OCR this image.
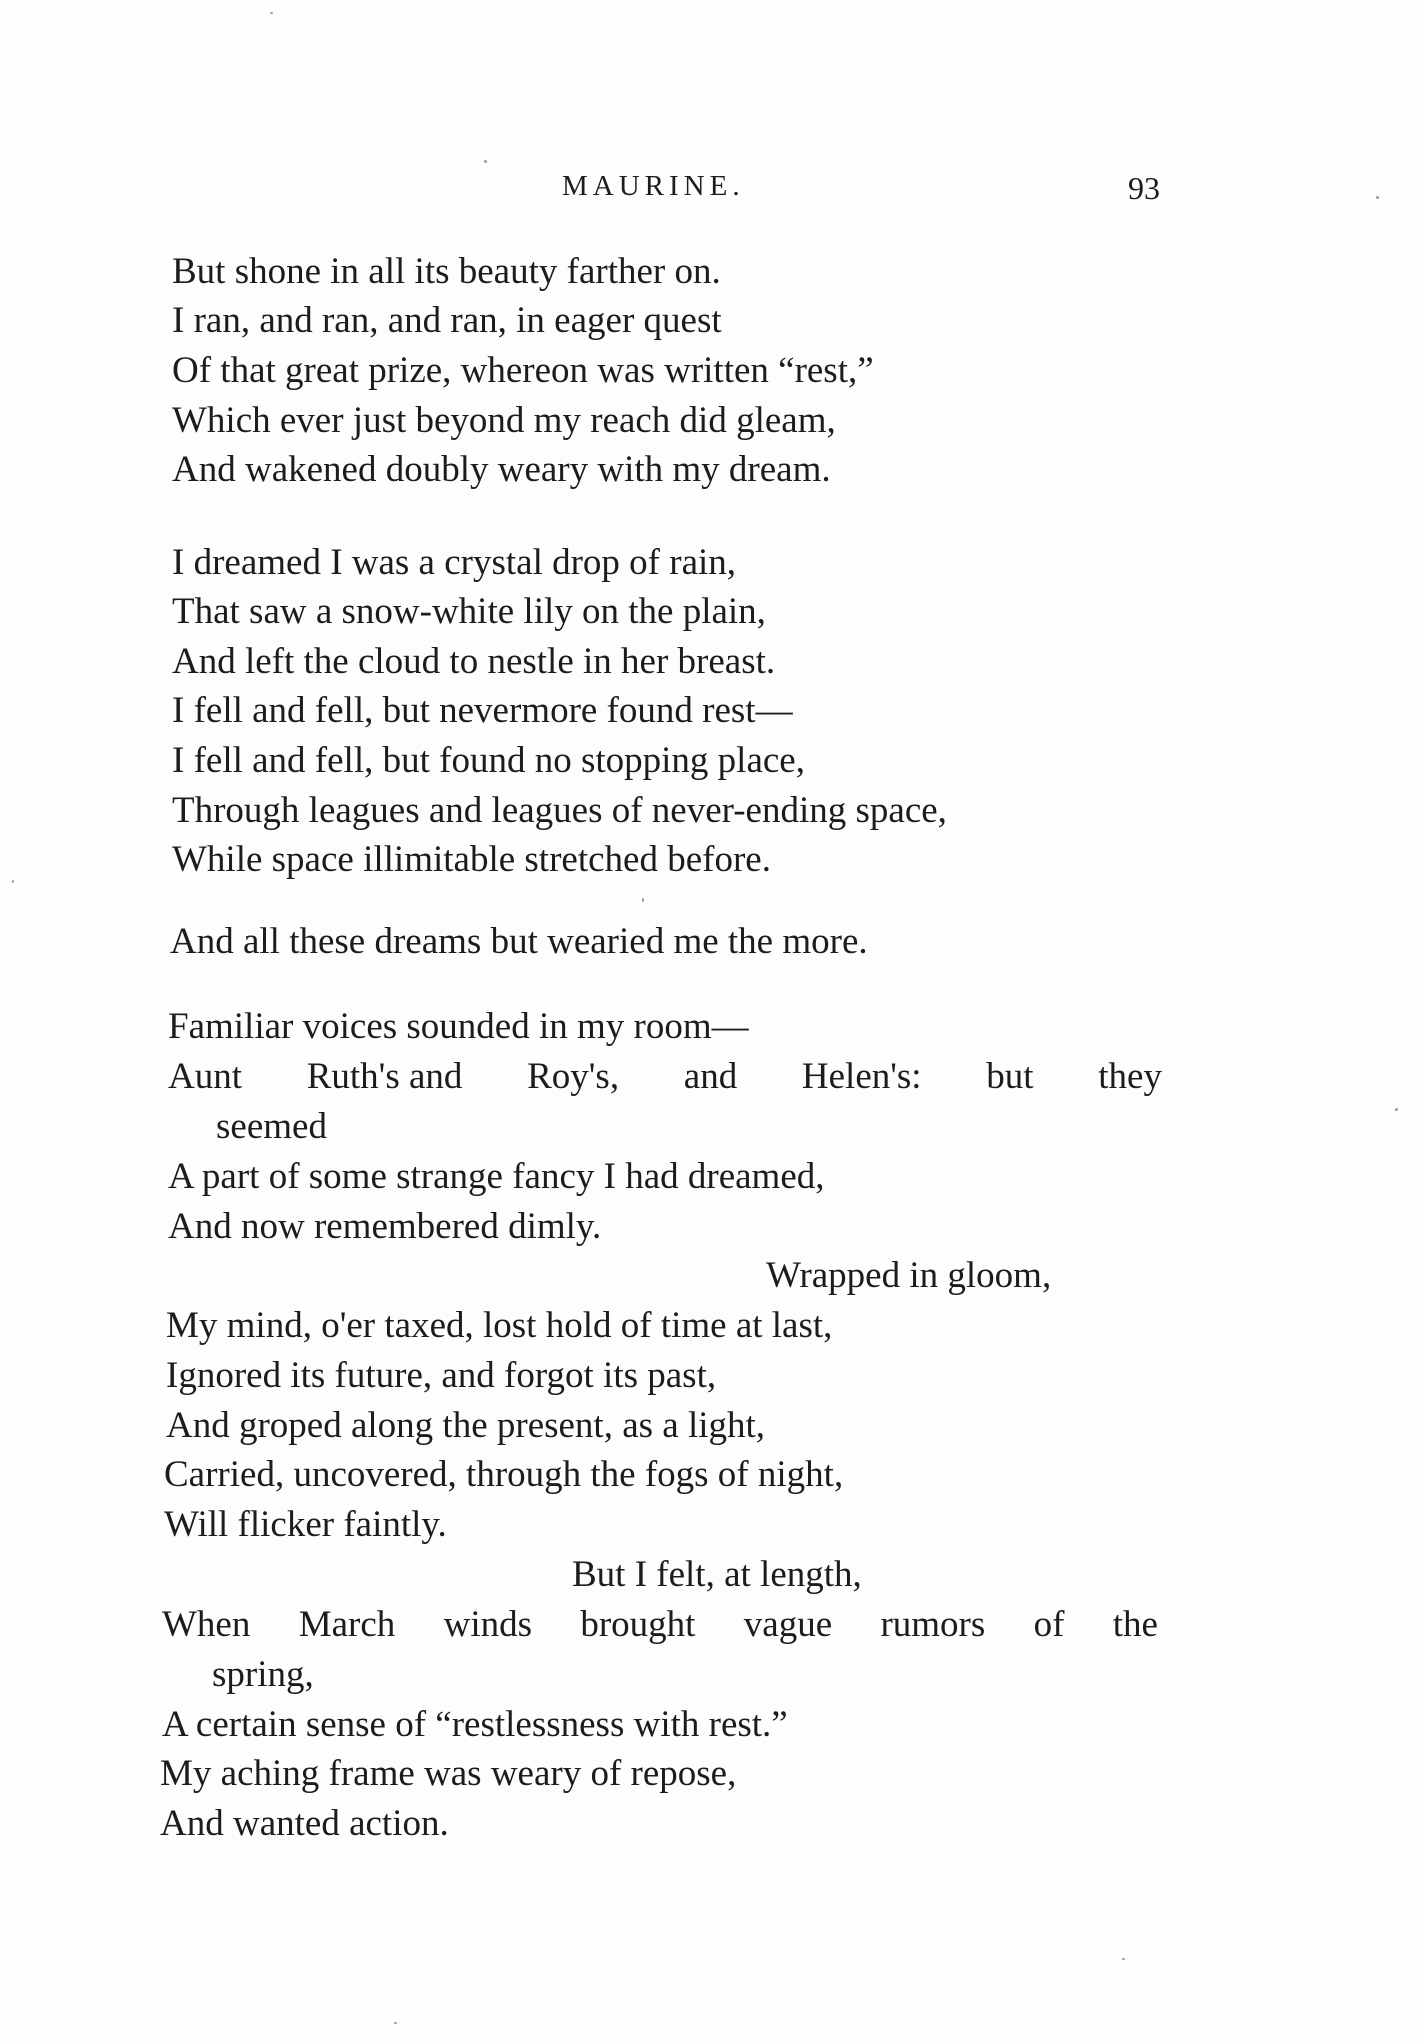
MAURINE.	93
But shone in all its beauty farther on.
I ran, and ran, and ran, in eager quest
Of that great prize, whereon was written “rest,”
Which ever just beyond my reach did gleam,
And wakened doubly weary with my dream.
I dreamed I was a crystal drop of rain,
That saw a snow-white lily on the plain,
And left the cloud to nestle in her breast.
I fell and fell, but nevermore found rest—
I fell and fell, but found no stopping place,
Through leagues and leagues of never-ending space,
While space illimitable stretched before.
And all these dreams but wearied me the more.
Familiar voices sounded in my room—
Aunt Ruth's and Roy's, and Helen's: but they
seemed
A part of some strange fancy I had dreamed,
And now remembered dimly.
Wrapped in gloom,
My mind, o'er taxed, lost hold of time at last,
Ignored its future, and forgot its past,
And groped along the present, as a light,
Carried, uncovered, through the fogs of night,
Will flicker faintly.
But I felt, at length,
When March winds brought vague rumors of the
spring,
A certain sense of “restlessness with rest.”
My aching frame was weary of repose,
And wanted action.
